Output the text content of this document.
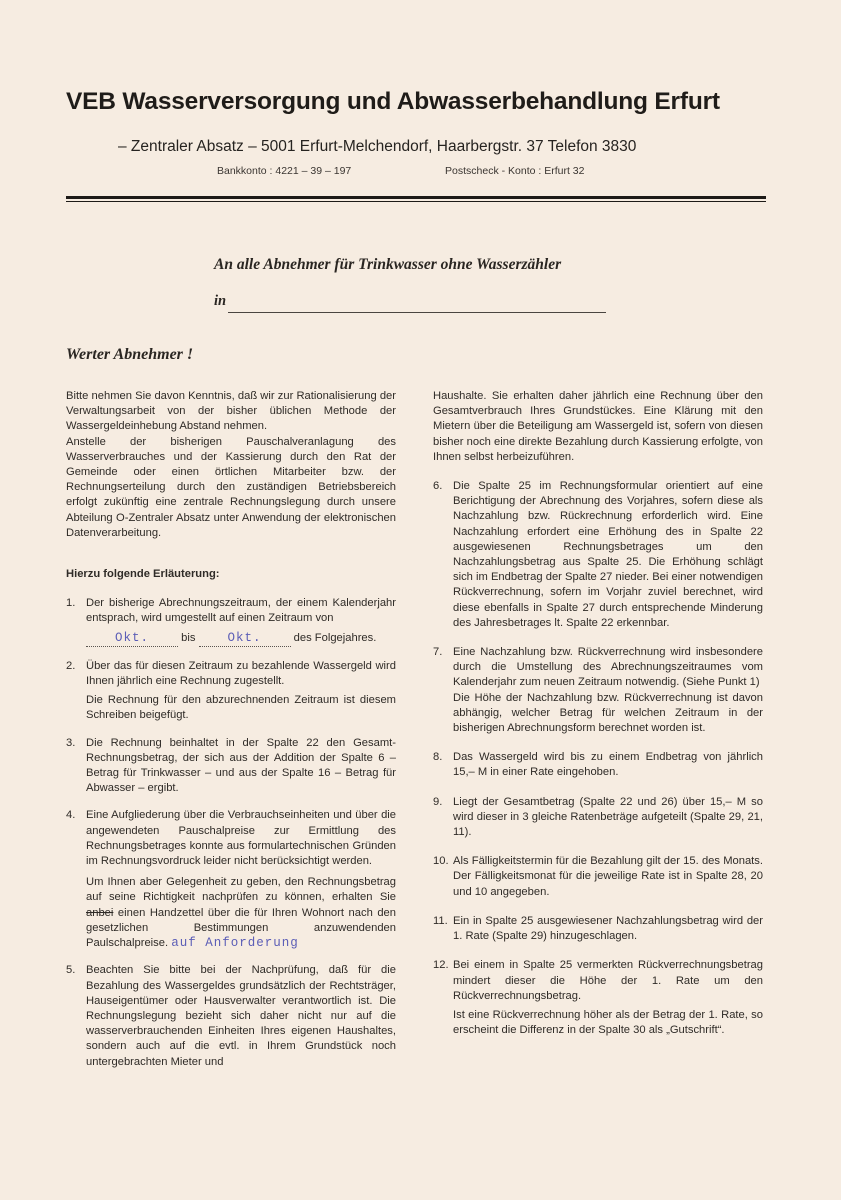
VEB Wasserversorgung und Abwasserbehandlung Erfurt
– Zentraler Absatz – 5001 Erfurt-Melchendorf, Haarbergstr. 37 Telefon 3830
Bankkonto : 4221 – 39 – 197	Postscheck - Konto : Erfurt 32
An alle Abnehmer für Trinkwasser ohne Wasserzähler
in
Werter Abnehmer !

Bitte nehmen Sie davon Kenntnis, daß wir zur Rationalisierung der Verwaltungsarbeit von der bisher üblichen Methode der Wassergeldeinhebung Abstand nehmen.

Anstelle der bisherigen Pauschalveranlagung des Wasserverbrauches und der Kassierung durch den Rat der Gemeinde oder einen örtlichen Mitarbeiter bzw. der Rechnungserteilung durch den zuständigen Betriebsbereich erfolgt zukünftig eine zentrale Rechnungslegung durch unsere Abteilung O-Zentraler Absatz unter Anwendung der elektronischen Datenverarbeitung.

Hierzu folgende Erläuterung:

1. Der bisherige Abrechnungszeitraum, der einem Kalenderjahr entsprach, wird umgestellt auf einen Zeitraum von

Okt.	bis	Okt.	des Folgejahres.

2. Über das für diesen Zeitraum zu bezahlende Wassergeld wird Ihnen jährlich eine Rechnung zugestellt.

Die Rechnung für den abzurechnenden Zeitraum ist diesem Schreiben beigefügt.

3. Die Rechnung beinhaltet in der Spalte 22 den Gesamt-Rechnungsbetrag, der sich aus der Addition der Spalte 6 – Betrag für Trinkwasser – und aus der Spalte 16 – Betrag für Abwasser – ergibt.

4. Eine Aufgliederung über die Verbrauchseinheiten und über die angewendeten Pauschalpreise zur Ermittlung des Rechnungsbetrages konnte aus formulartechnischen Gründen im Rechnungsvordruck leider nicht berücksichtigt werden.

Um Ihnen aber Gelegenheit zu geben, den Rechnungsbetrag auf seine Richtigkeit nachprüfen zu können, erhalten Sie anbei einen Handzettel über die für Ihren Wohnort nach den gesetzlichen Bestimmungen anzuwendenden Paulschalpreise. auf Anforderung

5. Beachten Sie bitte bei der Nachprüfung, daß für die Bezahlung des Wassergeldes grundsätzlich der Rechtsträger, Hauseigentümer oder Hausverwalter verantwortlich ist. Die Rechnungslegung bezieht sich daher nicht nur auf die wasserverbrauchenden Einheiten Ihres eigenen Haushaltes, sondern auch auf die evtl. in Ihrem Grundstück noch untergebrachten Mieter und

Haushalte. Sie erhalten daher jährlich eine Rechnung über den Gesamtverbrauch Ihres Grundstückes. Eine Klärung mit den Mietern über die Beteiligung am Wassergeld ist, sofern von diesen bisher noch eine direkte Bezahlung durch Kassierung erfolgte, von Ihnen selbst herbeizuführen.

6. Die Spalte 25 im Rechnungsformular orientiert auf eine Berichtigung der Abrechnung des Vorjahres, sofern diese als Nachzahlung bzw. Rückrechnung erforderlich wird. Eine Nachzahlung erfordert eine Erhöhung des in Spalte 22 ausgewiesenen Rechnungsbetrages um den Nachzahlungsbetrag aus Spalte 25. Die Erhöhung schlägt sich im Endbetrag der Spalte 27 nieder. Bei einer notwendigen Rückverrechnung, sofern im Vorjahr zuviel berechnet, wird diese ebenfalls in Spalte 27 durch entsprechende Minderung des Jahresbetrages lt. Spalte 22 erkennbar.

7. Eine Nachzahlung bzw. Rückverrechnung wird insbesondere durch die Umstellung des Abrechnungszeitraumes vom Kalenderjahr zum neuen Zeitraum notwendig. (Siehe Punkt 1)

Die Höhe der Nachzahlung bzw. Rückverrechnung ist davon abhängig, welcher Betrag für welchen Zeitraum in der bisherigen Abrechnungsform berechnet worden ist.

8. Das Wassergeld wird bis zu einem Endbetrag von jährlich 15,– M in einer Rate eingehoben.

9. Liegt der Gesamtbetrag (Spalte 22 und 26) über 15,– M so wird dieser in 3 gleiche Ratenbeträge aufgeteilt (Spalte 29, 21, 11).

10. Als Fälligkeitstermin für die Bezahlung gilt der 15. des Monats. Der Fälligkeitsmonat für die jeweilige Rate ist in Spalte 28, 20 und 10 angegeben.

11. Ein in Spalte 25 ausgewiesener Nachzahlungsbetrag wird der 1. Rate (Spalte 29) hinzugeschlagen.

12. Bei einem in Spalte 25 vermerkten Rückverrechnungsbetrag mindert dieser die Höhe der 1. Rate um den Rückverrechnungsbetrag.

Ist eine Rückverrechnung höher als der Betrag der 1. Rate, so erscheint die Differenz in der Spalte 30 als „Gutschrift“.
